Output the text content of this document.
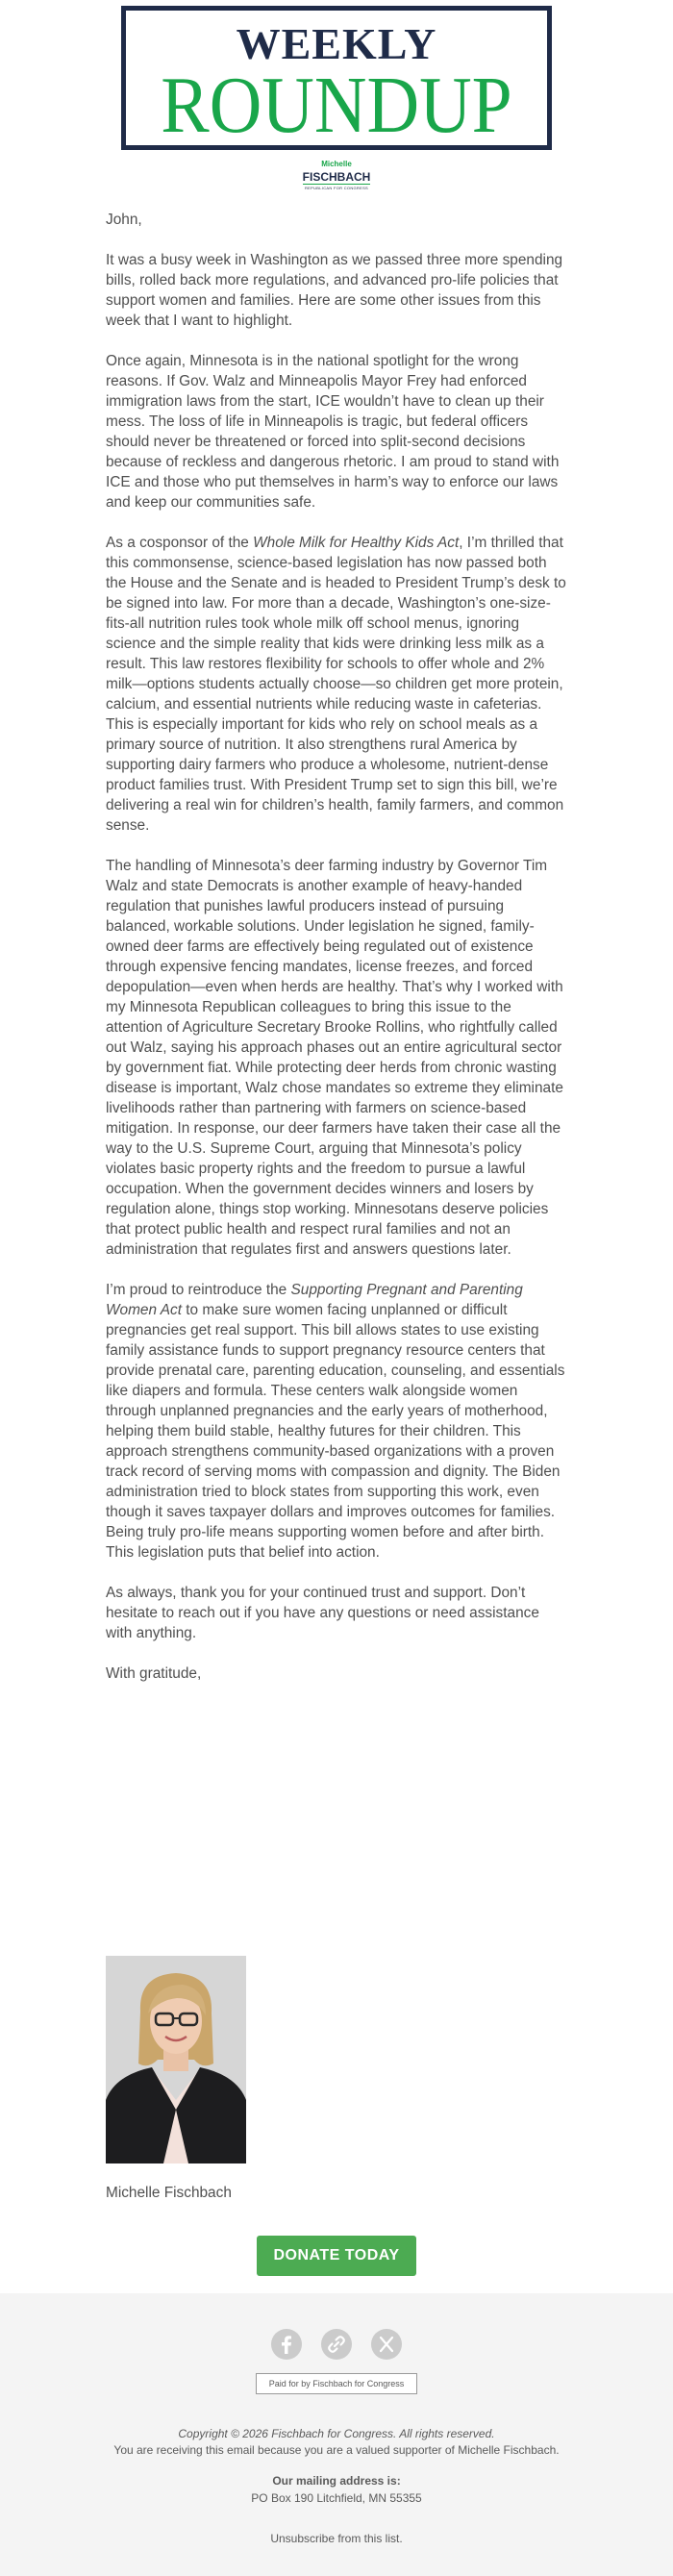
WEEKLY
ROUNDUP
Michelle
FISCHBACH
REPUBLICAN FOR CONGRESS

John,

It was a busy week in Washington as we passed three more spending bills, rolled back more regulations, and advanced pro-life policies that support women and families. Here are some other issues from this week that I want to highlight.

Once again, Minnesota is in the national spotlight for the wrong reasons. If Gov. Walz and Minneapolis Mayor Frey had enforced immigration laws from the start, ICE wouldn’t have to clean up their mess. The loss of life in Minneapolis is tragic, but federal officers should never be threatened or forced into split-second decisions because of reckless and dangerous rhetoric. I am proud to stand with ICE and those who put themselves in harm’s way to enforce our laws and keep our communities safe.

As a cosponsor of the Whole Milk for Healthy Kids Act, I’m thrilled that this commonsense, science-based legislation has now passed both the House and the Senate and is headed to President Trump’s desk to be signed into law. For more than a decade, Washington’s one-size-fits-all nutrition rules took whole milk off school menus, ignoring science and the simple reality that kids were drinking less milk as a result. This law restores flexibility for schools to offer whole and 2% milk—options students actually choose—so children get more protein, calcium, and essential nutrients while reducing waste in cafeterias. This is especially important for kids who rely on school meals as a primary source of nutrition. It also strengthens rural America by supporting dairy farmers who produce a wholesome, nutrient-dense product families trust. With President Trump set to sign this bill, we’re delivering a real win for children’s health, family farmers, and common sense.

The handling of Minnesota’s deer farming industry by Governor Tim Walz and state Democrats is another example of heavy-handed regulation that punishes lawful producers instead of pursuing balanced, workable solutions. Under legislation he signed, family-owned deer farms are effectively being regulated out of existence through expensive fencing mandates, license freezes, and forced depopulation—even when herds are healthy. That’s why I worked with my Minnesota Republican colleagues to bring this issue to the attention of Agriculture Secretary Brooke Rollins, who rightfully called out Walz, saying his approach phases out an entire agricultural sector by government fiat. While protecting deer herds from chronic wasting disease is important, Walz chose mandates so extreme they eliminate livelihoods rather than partnering with farmers on science-based mitigation. In response, our deer farmers have taken their case all the way to the U.S. Supreme Court, arguing that Minnesota’s policy violates basic property rights and the freedom to pursue a lawful occupation. When the government decides winners and losers by regulation alone, things stop working. Minnesotans deserve policies that protect public health and respect rural families and not an administration that regulates first and answers questions later.

I’m proud to reintroduce the Supporting Pregnant and Parenting Women Act to make sure women facing unplanned or difficult pregnancies get real support. This bill allows states to use existing family assistance funds to support pregnancy resource centers that provide prenatal care, parenting education, counseling, and essentials like diapers and formula. These centers walk alongside women through unplanned pregnancies and the early years of motherhood, helping them build stable, healthy futures for their children. This approach strengthens community-based organizations with a proven track record of serving moms with compassion and dignity. The Biden administration tried to block states from supporting this work, even though it saves taxpayer dollars and improves outcomes for families. Being truly pro-life means supporting women before and after birth. This legislation puts that belief into action.

As always, thank you for your continued trust and support. Don’t hesitate to reach out if you have any questions or need assistance with anything.

With gratitude,

Michelle Fischbach
DONATE TODAY

Paid for by Fischbach for Congress
Copyright © 2026 Fischbach for Congress. All rights reserved.
You are receiving this email because you are a valued supporter of Michelle Fischbach.
Our mailing address is:
PO Box 190 Litchfield, MN 55355
Unsubscribe from this list.
